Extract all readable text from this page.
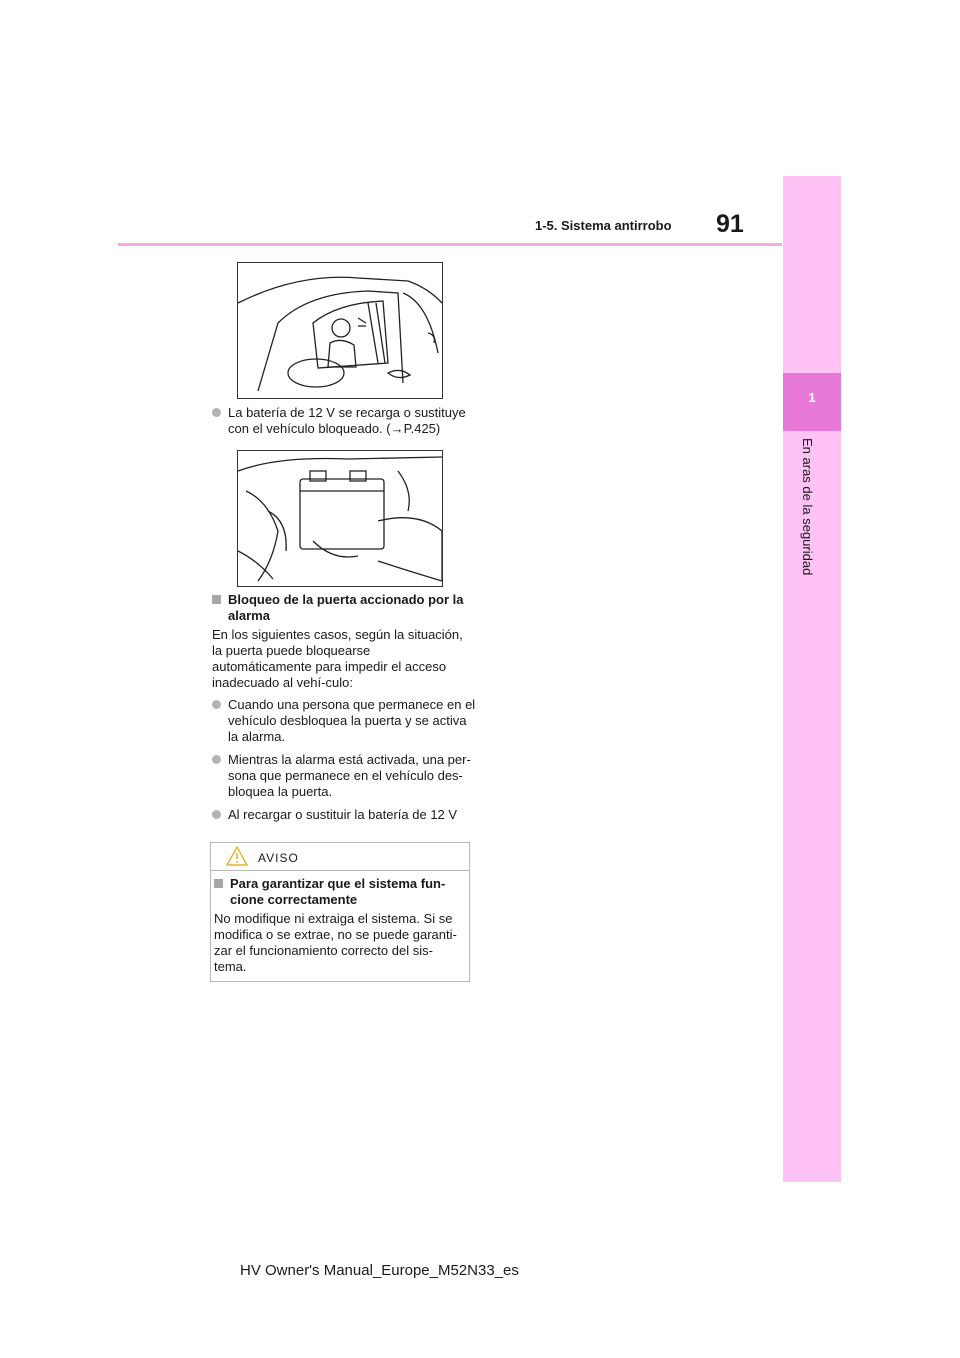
1-5. Sistema antirrobo 91
1
En aras de la seguridad
La batería de 12 V se recarga o sustituye con el vehículo bloqueado. (→P.425)
Bloqueo de la puerta accionado por la alarma
En los siguientes casos, según la situación, la puerta puede bloquearse automáticamente para impedir el acceso inadecuado al vehí-culo:
Cuando una persona que permanece en el vehículo desbloquea la puerta y se activa la alarma.
Mientras la alarma está activada, una per-sona que permanece en el vehículo des-bloquea la puerta.
Al recargar o sustituir la batería de 12 V
AVISO
Para garantizar que el sistema fun-cione correctamente
No modifique ni extraiga el sistema. Si se modifica o se extrae, no se puede garanti-zar el funcionamiento correcto del sis-tema.
HV Owner's Manual_Europe_M52N33_es
